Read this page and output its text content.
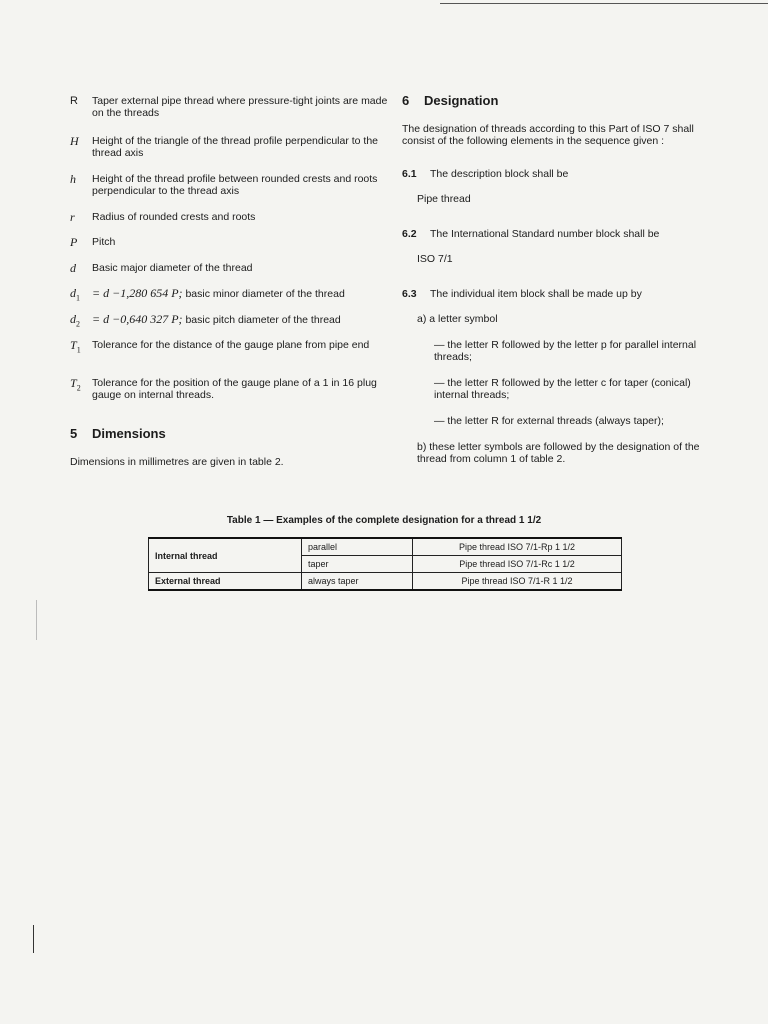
R	Taper external pipe thread where pressure-tight joints are made on the threads
H	Height of the triangle of the thread profile perpendicular to the thread axis
h	Height of the thread profile between rounded crests and roots perpendicular to the thread axis
r	Radius of rounded crests and roots
P	Pitch
d	Basic major diameter of the thread
$d_1$	= d −1,280 654 P; basic minor diameter of the thread
$d_2$	= d −0,640 327 P; basic pitch diameter of the thread
$T_1$	Tolerance for the distance of the gauge plane from pipe end
$T_2$	Tolerance for the position of the gauge plane of a 1 in 16 plug gauge on internal threads.
5 Dimensions
Dimensions in millimetres are given in table 2.
6 Designation
The designation of threads according to this Part of ISO 7 shall consist of the following elements in the sequence given :
6.1	The description block shall be
Pipe thread
6.2	The International Standard number block shall be
ISO 7/1
6.3	The individual item block shall be made up by
a) a letter symbol
— the letter R followed by the letter p for parallel internal threads;
— the letter R followed by the letter c for taper (conical) internal threads;
— the letter R for external threads (always taper);
b) these letter symbols are followed by the designation of the thread from column 1 of table 2.
Table 1 — Examples of the complete designation for a thread 1 1/2
Internal thread	parallel	Pipe thread ISO 7/1-Rp 1 1/2
	taper	Pipe thread ISO 7/1-Rc 1 1/2
External thread	always taper	Pipe thread ISO 7/1-R 1 1/2
